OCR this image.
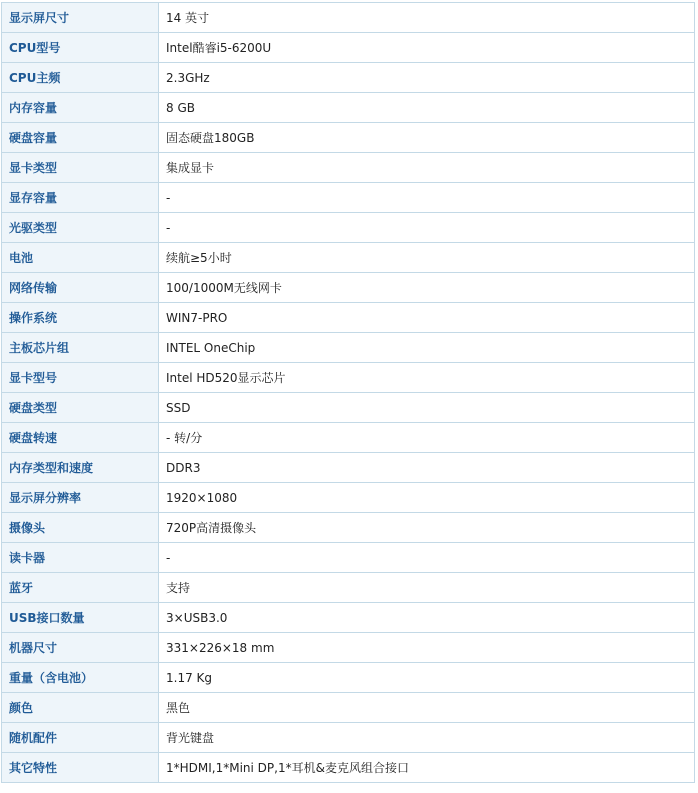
显示屏尺寸	14 英寸
CPU型号	Intel酷睿i5-6200U
CPU主频	2.3GHz
内存容量	8 GB
硬盘容量	固态硬盘180GB
显卡类型	集成显卡
显存容量	-
光驱类型	-
电池	续航≥5小时
网络传输	100/1000M无线网卡
操作系统	WIN7-PRO
主板芯片组	INTEL OneChip
显卡型号	Intel HD520显示芯片
硬盘类型	SSD
硬盘转速	- 转/分
内存类型和速度	DDR3
显示屏分辨率	1920×1080
摄像头	720P高清摄像头
读卡器	-
蓝牙	支持
USB接口数量	3×USB3.0
机器尺寸	331×226×18 mm
重量（含电池）	1.17 Kg
颜色	黑色
随机配件	背光键盘
其它特性	1*HDMI,1*Mini DP,1*耳机&麦克风组合接口
